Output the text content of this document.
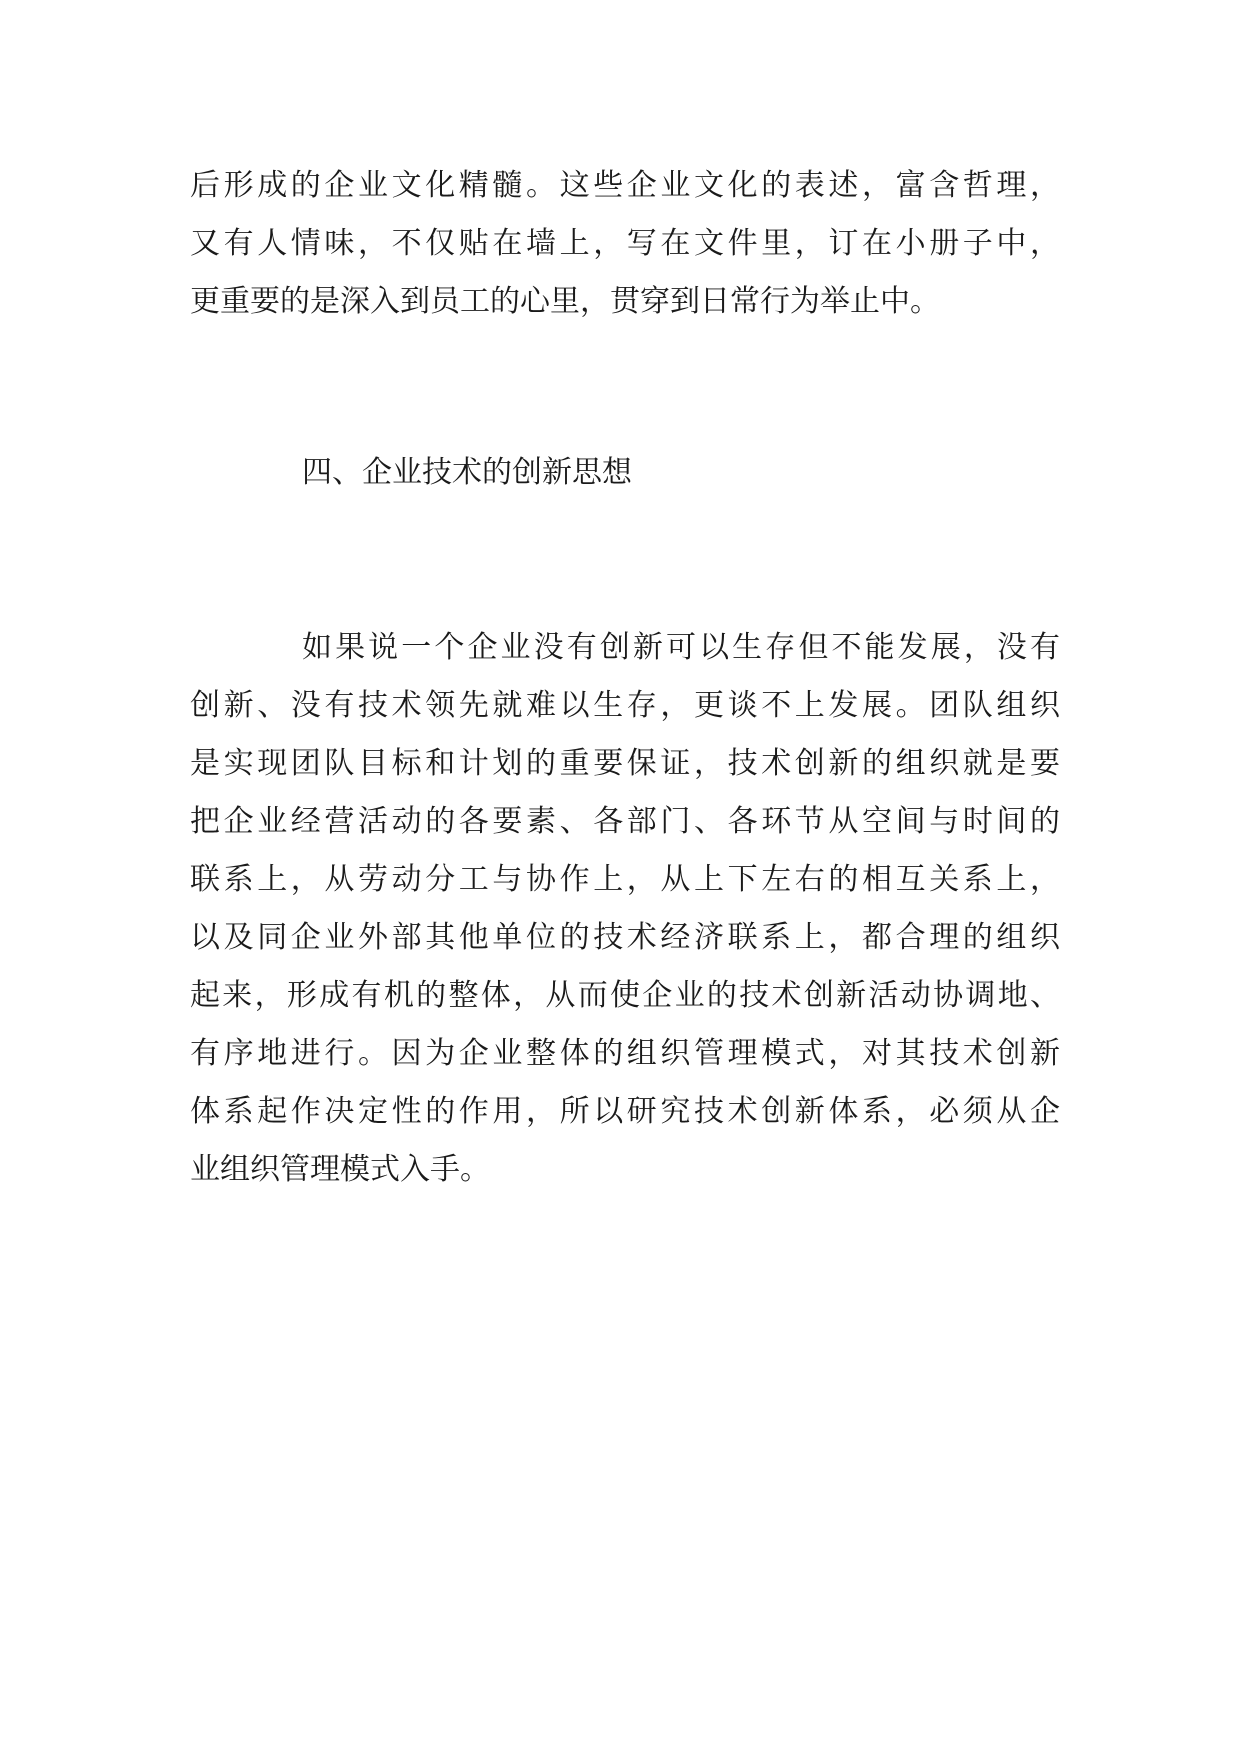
后形成的企业文化精髓。这些企业文化的表述，富含哲理，
又有人情味，不仅贴在墙上，写在文件里，订在小册子中，
更重要的是深入到员工的心里，贯穿到日常行为举止中。
四、企业技术的创新思想
如果说一个企业没有创新可以生存但不能发展，没有
创新、没有技术领先就难以生存，更谈不上发展。团队组织
是实现团队目标和计划的重要保证，技术创新的组织就是要
把企业经营活动的各要素、各部门、各环节从空间与时间的
联系上，从劳动分工与协作上，从上下左右的相互关系上，
以及同企业外部其他单位的技术经济联系上，都合理的组织
起来，形成有机的整体，从而使企业的技术创新活动协调地、
有序地进行。因为企业整体的组织管理模式，对其技术创新
体系起作决定性的作用，所以研究技术创新体系，必须从企
业组织管理模式入手。
